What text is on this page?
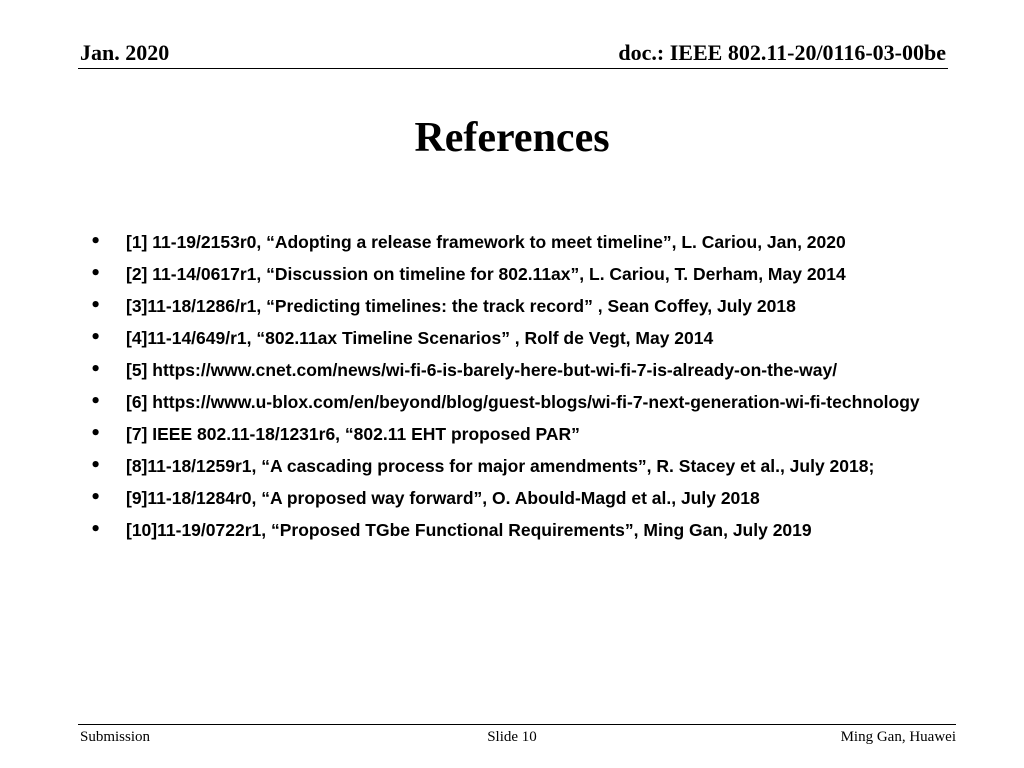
Jan. 2020	doc.: IEEE 802.11-20/0116-03-00be
References
• [1] 11-19/2153r0, “Adopting a release framework to meet timeline”, L. Cariou, Jan, 2020
• [2] 11-14/0617r1, “Discussion on timeline for 802.11ax”, L. Cariou, T. Derham, May 2014
• [3]11-18/1286/r1, “Predicting timelines: the track record” , Sean Coffey, July 2018
• [4]11-14/649/r1, “802.11ax Timeline Scenarios” , Rolf de Vegt, May 2014
• [5] https://www.cnet.com/news/wi-fi-6-is-barely-here-but-wi-fi-7-is-already-on-the-way/
• [6] https://www.u-blox.com/en/beyond/blog/guest-blogs/wi-fi-7-next-generation-wi-fi-technology
• [7] IEEE 802.11-18/1231r6, “802.11 EHT proposed PAR”
• [8]11-18/1259r1, “A cascading process for major amendments”, R. Stacey et al., July 2018;
• [9]11-18/1284r0, “A proposed way forward”, O. Abould-Magd et al., July 2018
• [10]11-19/0722r1, “Proposed TGbe Functional Requirements”, Ming Gan, July 2019
Submission	Slide 10	Ming Gan, Huawei
